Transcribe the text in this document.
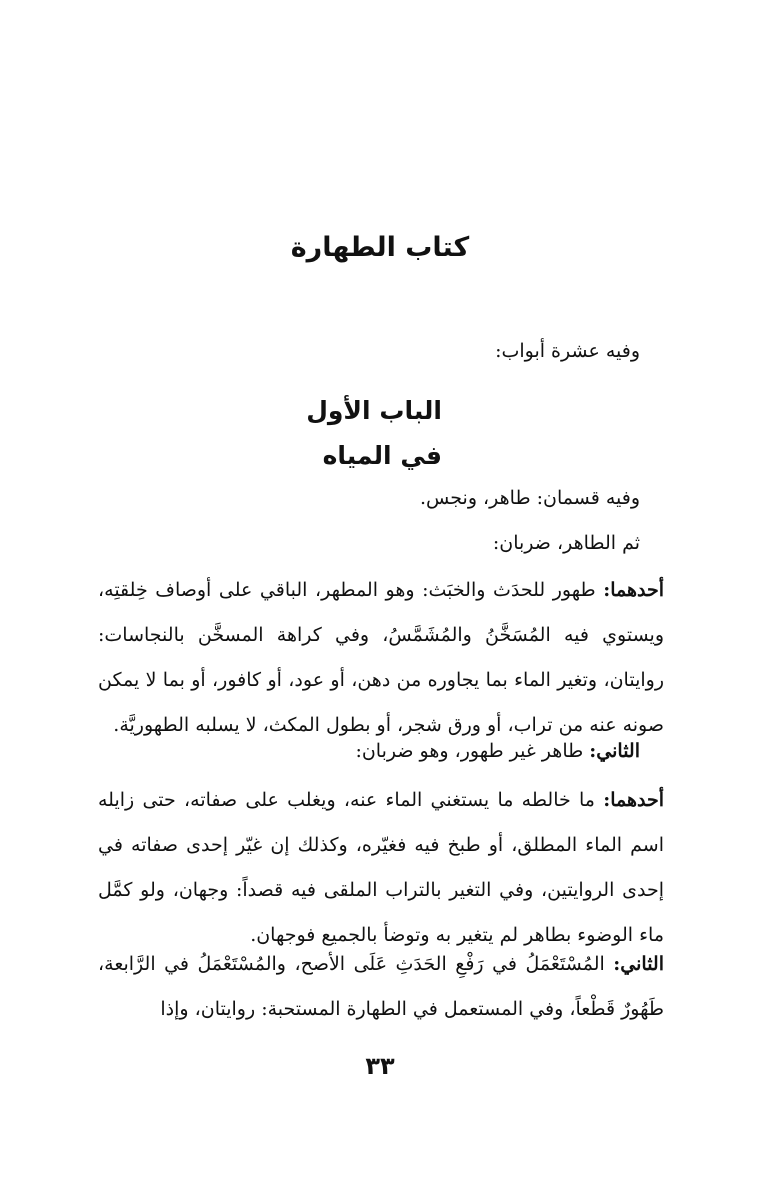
كتاب الطهارة
وفيه عشرة أبواب:
الباب الأول
في المياه
وفيه قسمان: طاهر، ونجس.
ثم الطاهر، ضربان:
أحدهما: طهور للحدَث والخبَث: وهو المطهر، الباقي على أوصاف خِلقتِه، ويستوي فيه المُسَخَّنُ والمُشَمَّسُ، وفي كراهة المسخَّن بالنجاسات: روايتان، وتغير الماء بما يجاوره من دهن، أو عود، أو كافور، أو بما لا يمكن صونه عنه من تراب، أو ورق شجر، أو بطول المكث، لا يسلبه الطهوريَّة.
الثاني: طاهر غير طهور، وهو ضربان:
أحدهما: ما خالطه ما يستغني الماء عنه، ويغلب على صفاته، حتى زايله اسم الماء المطلق، أو طبخ فيه فغيّره، وكذلك إن غيّر إحدى صفاته في إحدى الروايتين، وفي التغير بالتراب الملقى فيه قصداً: وجهان، ولو كمَّل ماء الوضوء بطاهر لم يتغير به وتوضأ بالجميع فوجهان.
الثاني: المُسْتَعْمَلُ في رَفْعِ الحَدَثِ عَلَى الأصح، والمُسْتَعْمَلُ في الرَّابعة، طَهُورٌ قَطْعاً، وفي المستعمل في الطهارة المستحبة: روايتان، وإذا
٣٣
